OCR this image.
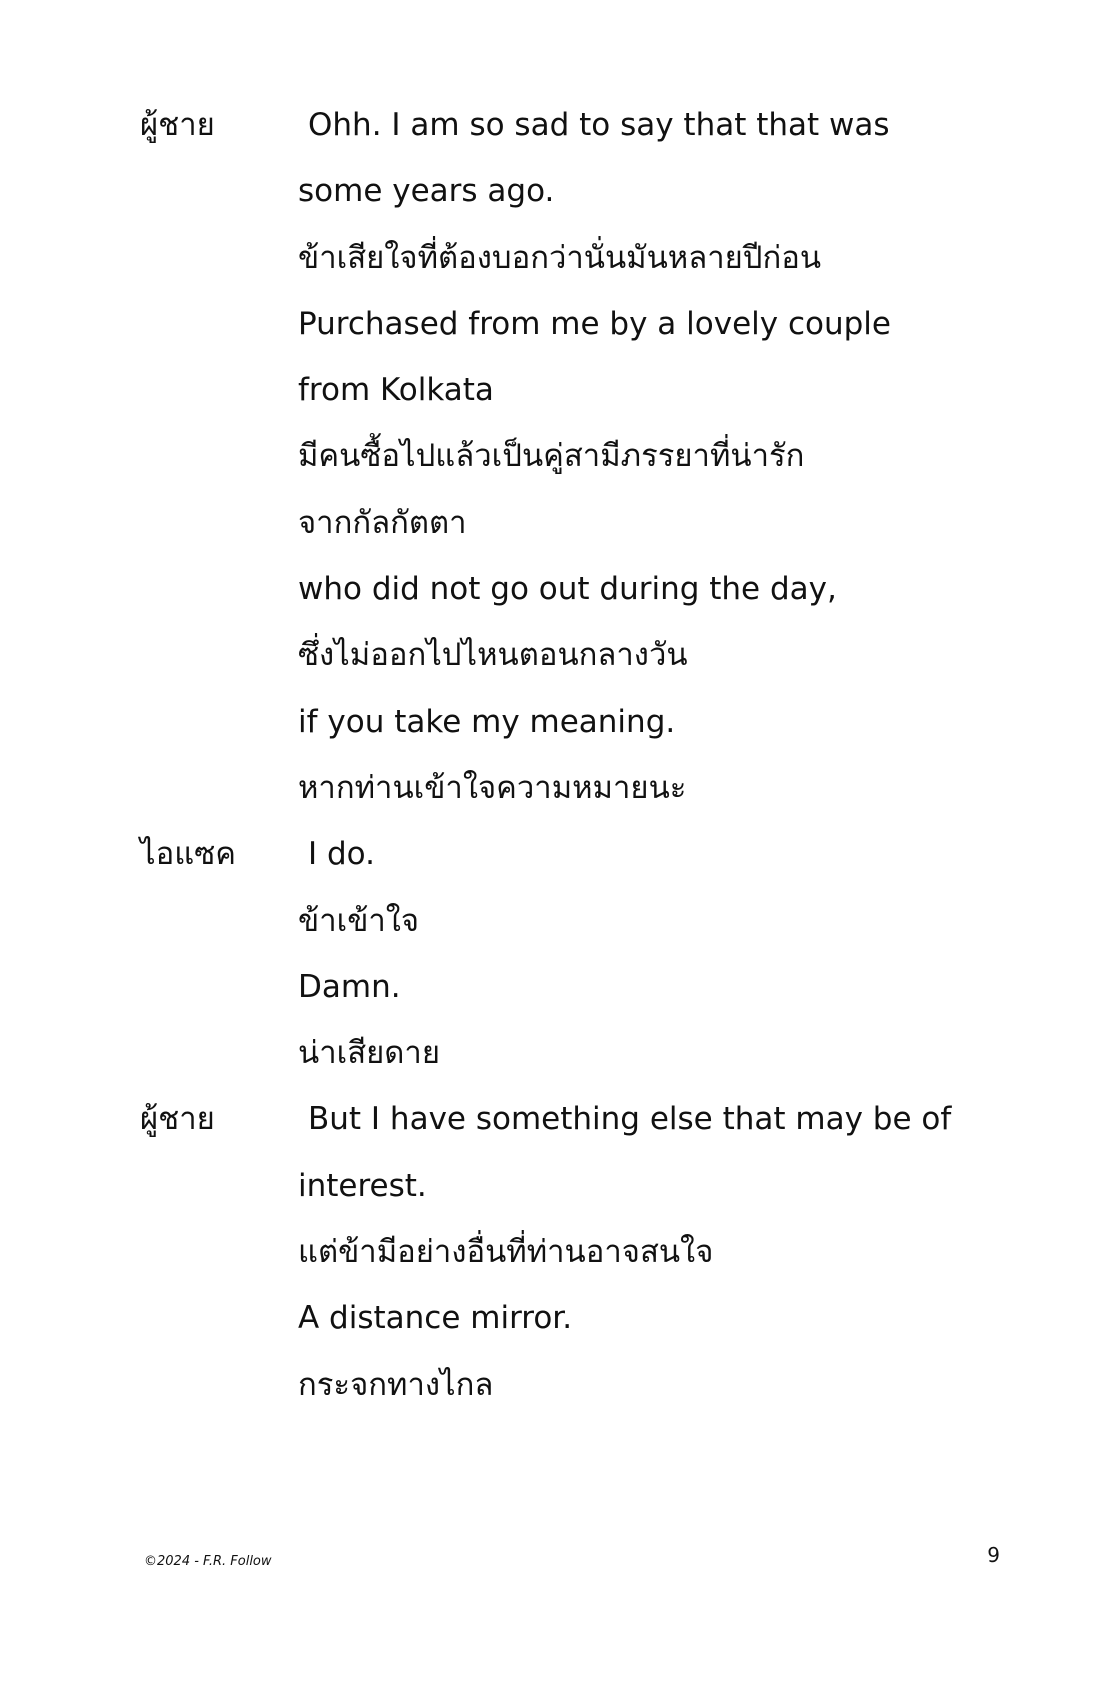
ผู้ชาย	Ohh. I am so sad to say that that was
some years ago.
ข้าเสียใจที่ต้องบอกว่านั่นมันหลายปีก่อน
Purchased from me by a lovely couple
from Kolkata
มีคนซื้อไปแล้วเป็นคู่สามีภรรยาที่น่ารัก
จากกัลกัตตา
who did not go out during the day,
ซึ่งไม่ออกไปไหนตอนกลางวัน
if you take my meaning.
หากท่านเข้าใจความหมายนะ
ไอแซค	I do.
ข้าเข้าใจ
Damn.
น่าเสียดาย
ผู้ชาย	But I have something else that may be of
interest.
แต่ข้ามีอย่างอื่นที่ท่านอาจสนใจ
A distance mirror.
กระจกทางไกล
©2024 - F.R. Follow	9
